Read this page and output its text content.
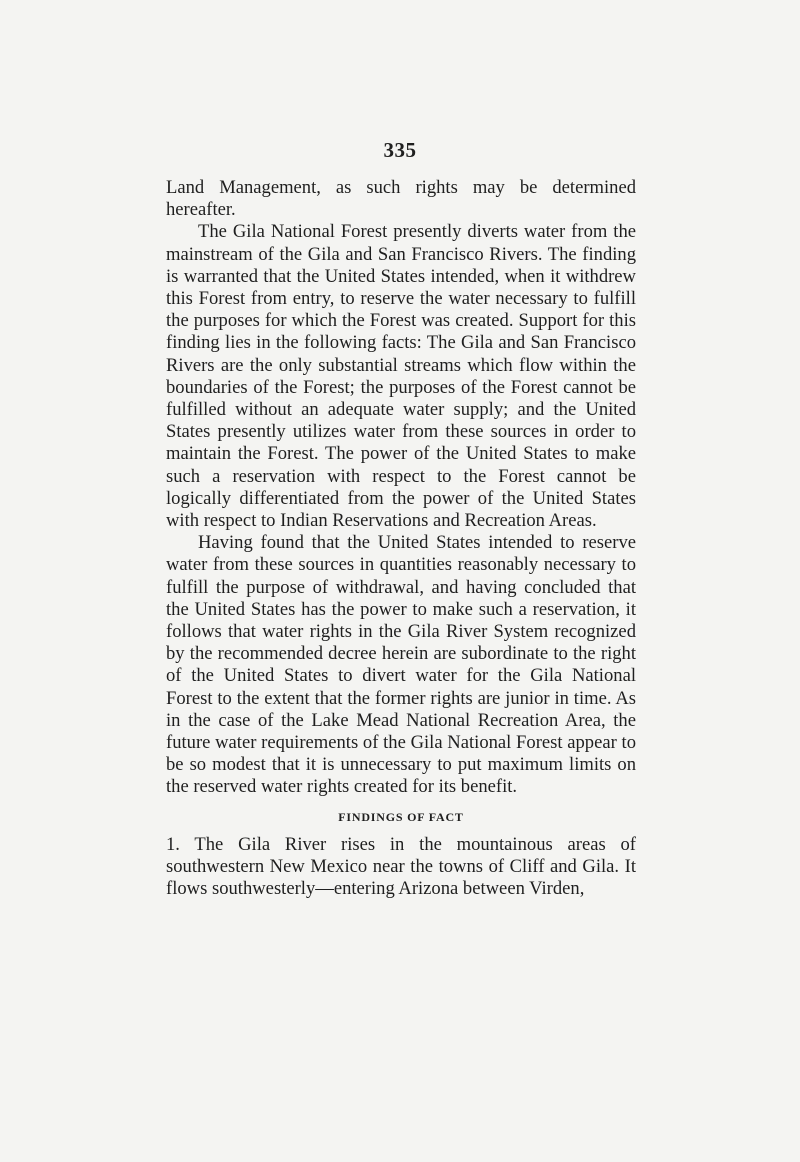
335

Land Management, as such rights may be determined hereafter.

The Gila National Forest presently diverts water from the mainstream of the Gila and San Francisco Rivers. The finding is warranted that the United States intended, when it withdrew this Forest from entry, to reserve the water necessary to fulfill the purposes for which the Forest was created. Support for this finding lies in the following facts: The Gila and San Francisco Rivers are the only substantial streams which flow within the boundaries of the Forest; the purposes of the Forest cannot be fulfilled without an adequate water supply; and the United States presently utilizes water from these sources in order to maintain the Forest. The power of the United States to make such a reservation with respect to the Forest cannot be logically differentiated from the power of the United States with respect to Indian Reservations and Recreation Areas.

Having found that the United States intended to reserve water from these sources in quantities reasonably necessary to fulfill the purpose of withdrawal, and having concluded that the United States has the power to make such a reservation, it follows that water rights in the Gila River System recognized by the recommended decree herein are subordinate to the right of the United States to divert water for the Gila National Forest to the extent that the former rights are junior in time. As in the case of the Lake Mead National Recreation Area, the future water requirements of the Gila National Forest appear to be so modest that it is unnecessary to put maximum limits on the reserved water rights created for its benefit.

FINDINGS OF FACT

1. The Gila River rises in the mountainous areas of southwestern New Mexico near the towns of Cliff and Gila. It flows southwesterly—entering Arizona between Virden,
